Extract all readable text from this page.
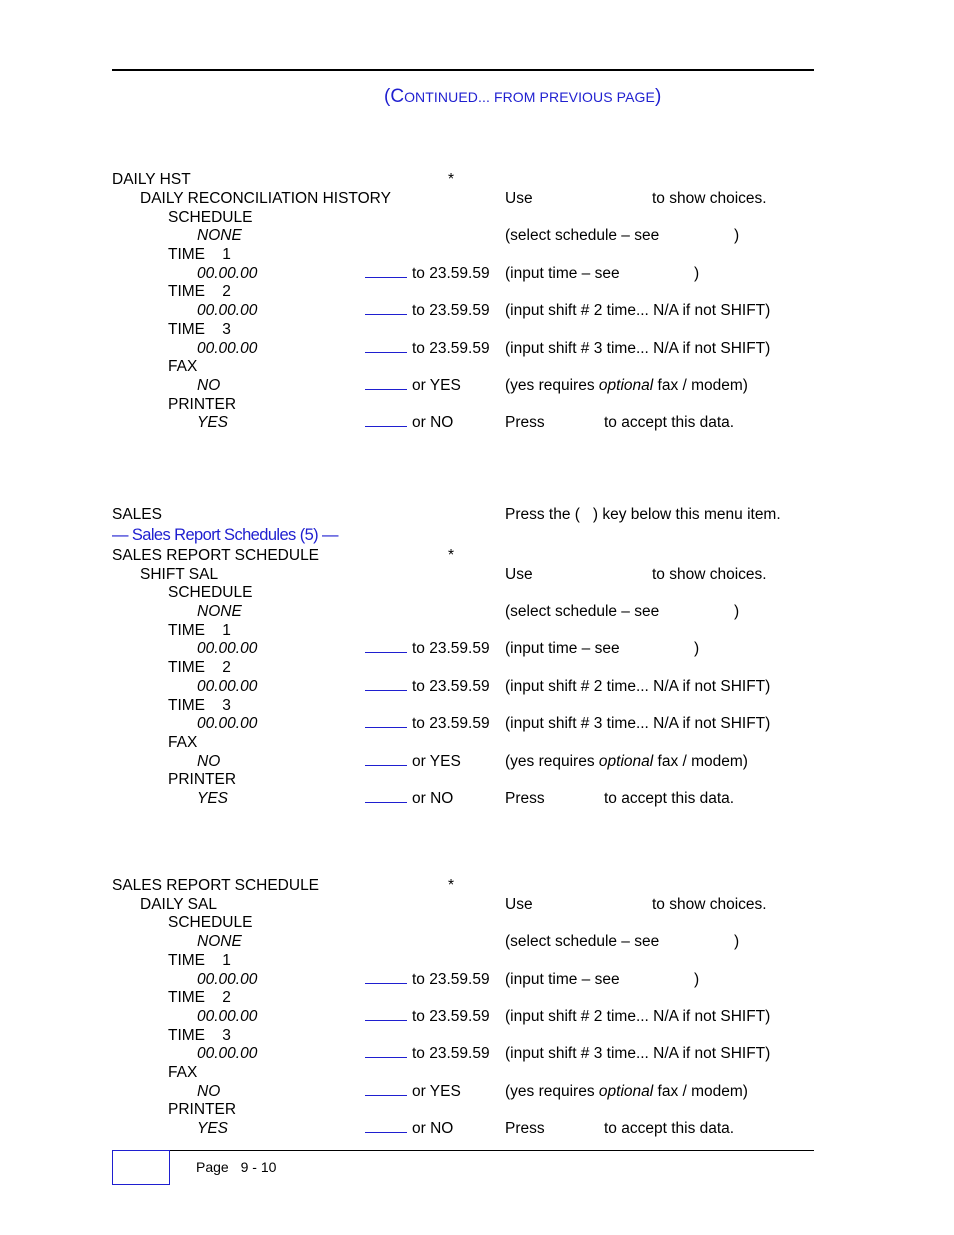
(CONTINUED... FROM PREVIOUS PAGE)
DAILY HST	*
DAILY RECONCILIATION HISTORY	Use	to show choices.
SCHEDULE
NONE	(select schedule – see	)
TIME    1
00.00.00	to 23.59.59 (input time – see	)
TIME    2
00.00.00	to 23.59.59 (input shift # 2 time... N/A if not SHIFT)
TIME    3
00.00.00	to 23.59.59 (input shift # 3 time... N/A if not SHIFT)
FAX
NO	or YES	(yes requires optional fax / modem)
PRINTER
YES	or NO	Press	to accept this data.
SALES	Press the (   ) key below this menu item.
— Sales Report Schedules (5) —
SALES REPORT SCHEDULE	*
SHIFT SAL	Use	to show choices.
SCHEDULE
NONE	(select schedule – see	)
TIME    1
00.00.00	to 23.59.59 (input time – see	)
TIME    2
00.00.00	to 23.59.59 (input shift # 2 time... N/A if not SHIFT)
TIME    3
00.00.00	to 23.59.59 (input shift # 3 time... N/A if not SHIFT)
FAX
NO	or YES	(yes requires optional fax / modem)
PRINTER
YES	or NO	Press	to accept this data.
SALES REPORT SCHEDULE	*
DAILY SAL	Use	to show choices.
SCHEDULE
NONE	(select schedule – see	)
TIME    1
00.00.00	to 23.59.59 (input time – see	)
TIME    2
00.00.00	to 23.59.59 (input shift # 2 time... N/A if not SHIFT)
TIME    3
00.00.00	to 23.59.59 (input shift # 3 time... N/A if not SHIFT)
FAX
NO	or YES	(yes requires optional fax / modem)
PRINTER
YES	or NO	Press	to accept this data.
Page 9 - 10
